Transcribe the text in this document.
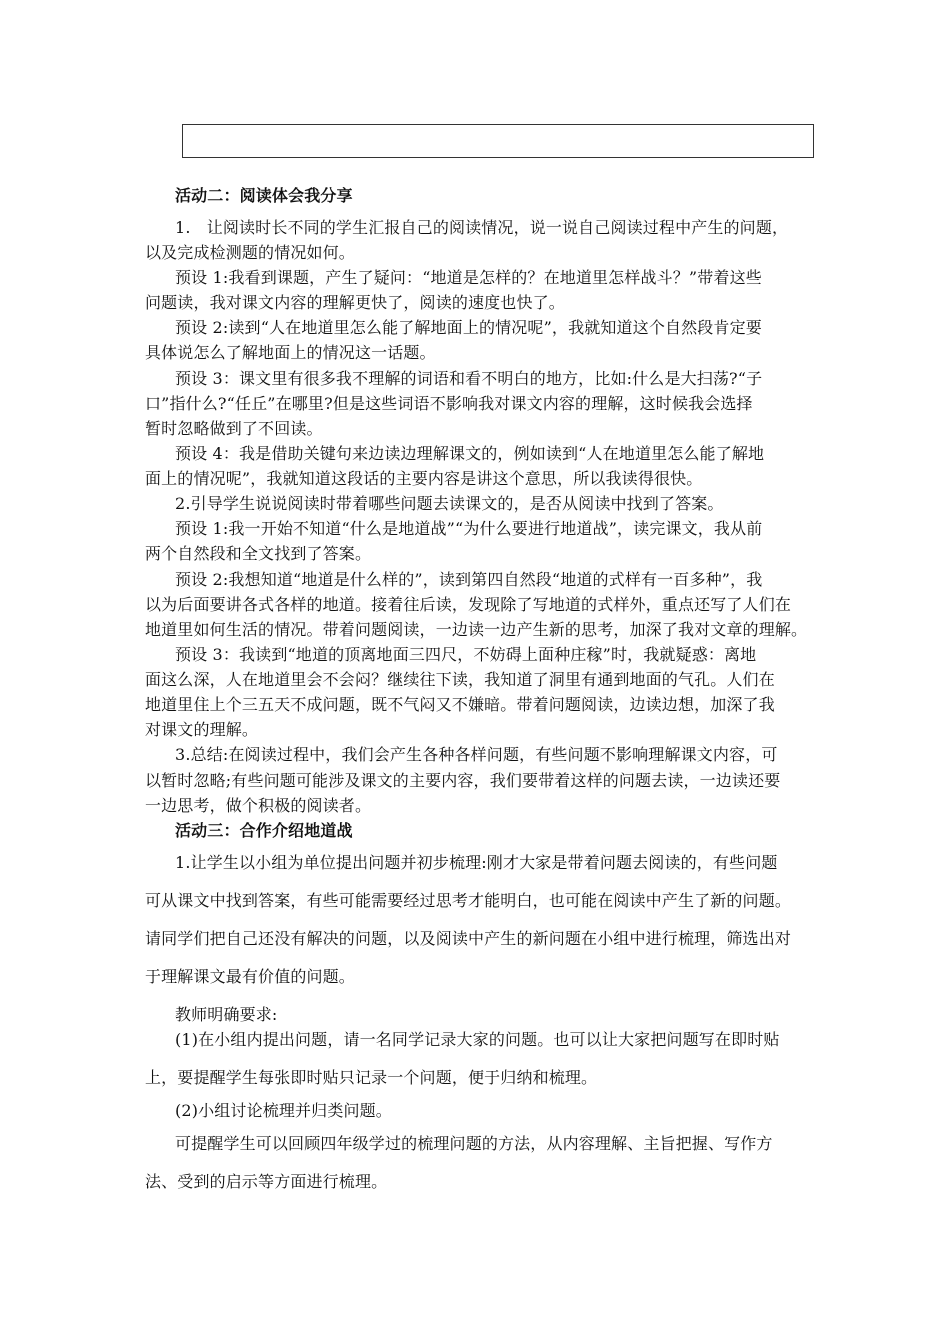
活动二：阅读体会我分享
1.　让阅读时长不同的学生汇报自己的阅读情况，说一说自己阅读过程中产生的问题，
以及完成检测题的情况如何。
预设 1:我看到课题，产生了疑问：“地道是怎样的？在地道里怎样战斗？”带着这些
问题读，我对课文内容的理解更快了，阅读的速度也快了。
预设 2:读到“人在地道里怎么能了解地面上的情况呢”，我就知道这个自然段肯定要
具体说怎么了解地面上的情况这一话题。
预设 3：课文里有很多我不理解的词语和看不明白的地方，比如:什么是大扫荡?“子
口”指什么?“任丘”在哪里?但是这些词语不影响我对课文内容的理解，这时候我会选择
暂时忽略做到了不回读。
预设 4：我是借助关键句来边读边理解课文的，例如读到“人在地道里怎么能了解地
面上的情况呢”，我就知道这段话的主要内容是讲这个意思，所以我读得很快。
2.引导学生说说阅读时带着哪些问题去读课文的，是否从阅读中找到了答案。
预设 1:我一开始不知道“什么是地道战”“为什么要进行地道战”，读完课文，我从前
两个自然段和全文找到了答案。
预设 2:我想知道“地道是什么样的”，读到第四自然段“地道的式样有一百多种”，我
以为后面要讲各式各样的地道。接着往后读，发现除了写地道的式样外，重点还写了人们在
地道里如何生活的情况。带着问题阅读，一边读一边产生新的思考，加深了我对文章的理解。
预设 3：我读到“地道的顶离地面三四尺，不妨碍上面种庄稼”时，我就疑惑：离地
面这么深，人在地道里会不会闷？继续往下读，我知道了洞里有通到地面的气孔。人们在
地道里住上个三五天不成问题，既不气闷又不嫌暗。带着问题阅读，边读边想，加深了我
对课文的理解。
3.总结:在阅读过程中，我们会产生各种各样问题，有些问题不影响理解课文内容，可
以暂时忽略;有些问题可能涉及课文的主要内容，我们要带着这样的问题去读，一边读还要
一边思考，做个积极的阅读者。
活动三：合作介绍地道战
1.让学生以小组为单位提出问题并初步梳理:刚才大家是带着问题去阅读的，有些问题
可从课文中找到答案，有些可能需要经过思考才能明白，也可能在阅读中产生了新的问题。
请同学们把自己还没有解决的问题，以及阅读中产生的新问题在小组中进行梳理，筛选出对
于理解课文最有价值的问题。
教师明确要求:
(1)在小组内提出问题，请一名同学记录大家的问题。也可以让大家把问题写在即时贴
上，要提醒学生每张即时贴只记录一个问题，便于归纳和梳理。
(2)小组讨论梳理并归类问题。
可提醒学生可以回顾四年级学过的梳理问题的方法，从内容理解、主旨把握、写作方
法、受到的启示等方面进行梳理。
